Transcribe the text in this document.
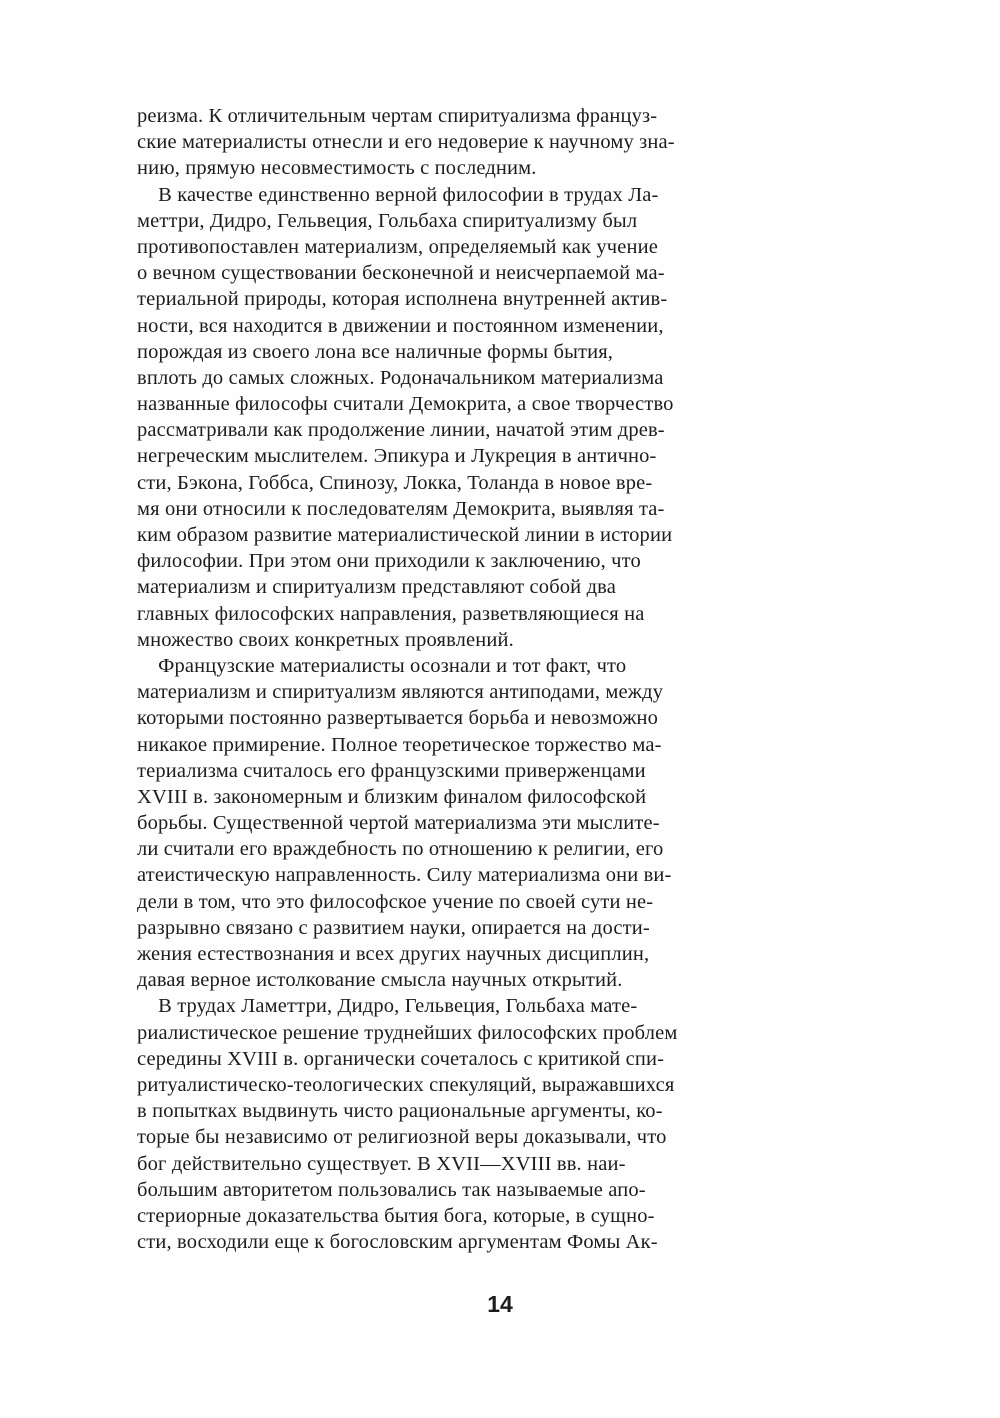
реизма. К отличительным чертам спиритуализма француз-
ские материалисты отнесли и его недоверие к научному зна-
нию, прямую несовместимость с последним.
В качестве единственно верной философии в трудах Ла-
меттри, Дидро, Гельвеция, Гольбаха спиритуализму был
противопоставлен материализм, определяемый как учение
о вечном существовании бесконечной и неисчерпаемой ма-
териальной природы, которая исполнена внутренней актив-
ности, вся находится в движении и постоянном изменении,
порождая из своего лона все наличные формы бытия,
вплоть до самых сложных. Родоначальником материализма
названные философы считали Демокрита, а свое творчество
рассматривали как продолжение линии, начатой этим древ-
негреческим мыслителем. Эпикура и Лукреция в антично-
сти, Бэкона, Гоббса, Спинозу, Локка, Толанда в новое вре-
мя они относили к последователям Демокрита, выявляя та-
ким образом развитие материалистической линии в истории
философии. При этом они приходили к заключению, что
материализм и спиритуализм представляют собой два
главных философских направления, разветвляющиеся на
множество своих конкретных проявлений.
Французские материалисты осознали и тот факт, что
материализм и спиритуализм являются антиподами, между
которыми постоянно развертывается борьба и невозможно
никакое примирение. Полное теоретическое торжество ма-
териализма считалось его французскими приверженцами
XVIII в. закономерным и близким финалом философской
борьбы. Существенной чертой материализма эти мыслите-
ли считали его враждебность по отношению к религии, его
атеистическую направленность. Силу материализма они ви-
дели в том, что это философское учение по своей сути не-
разрывно связано с развитием науки, опирается на дости-
жения естествознания и всех других научных дисциплин,
давая верное истолкование смысла научных открытий.
В трудах Ламеттри, Дидро, Гельвеция, Гольбаха мате-
риалистическое решение труднейших философских проблем
середины XVIII в. органически сочеталось с критикой спи-
ритуалистическо-теологических спекуляций, выражавшихся
в попытках выдвинуть чисто рациональные аргументы, ко-
торые бы независимо от религиозной веры доказывали, что
бог действительно существует. В XVII—XVIII вв. наи-
большим авторитетом пользовались так называемые апо-
стериорные доказательства бытия бога, которые, в сущно-
сти, восходили еще к богословским аргументам Фомы Ак-
14
